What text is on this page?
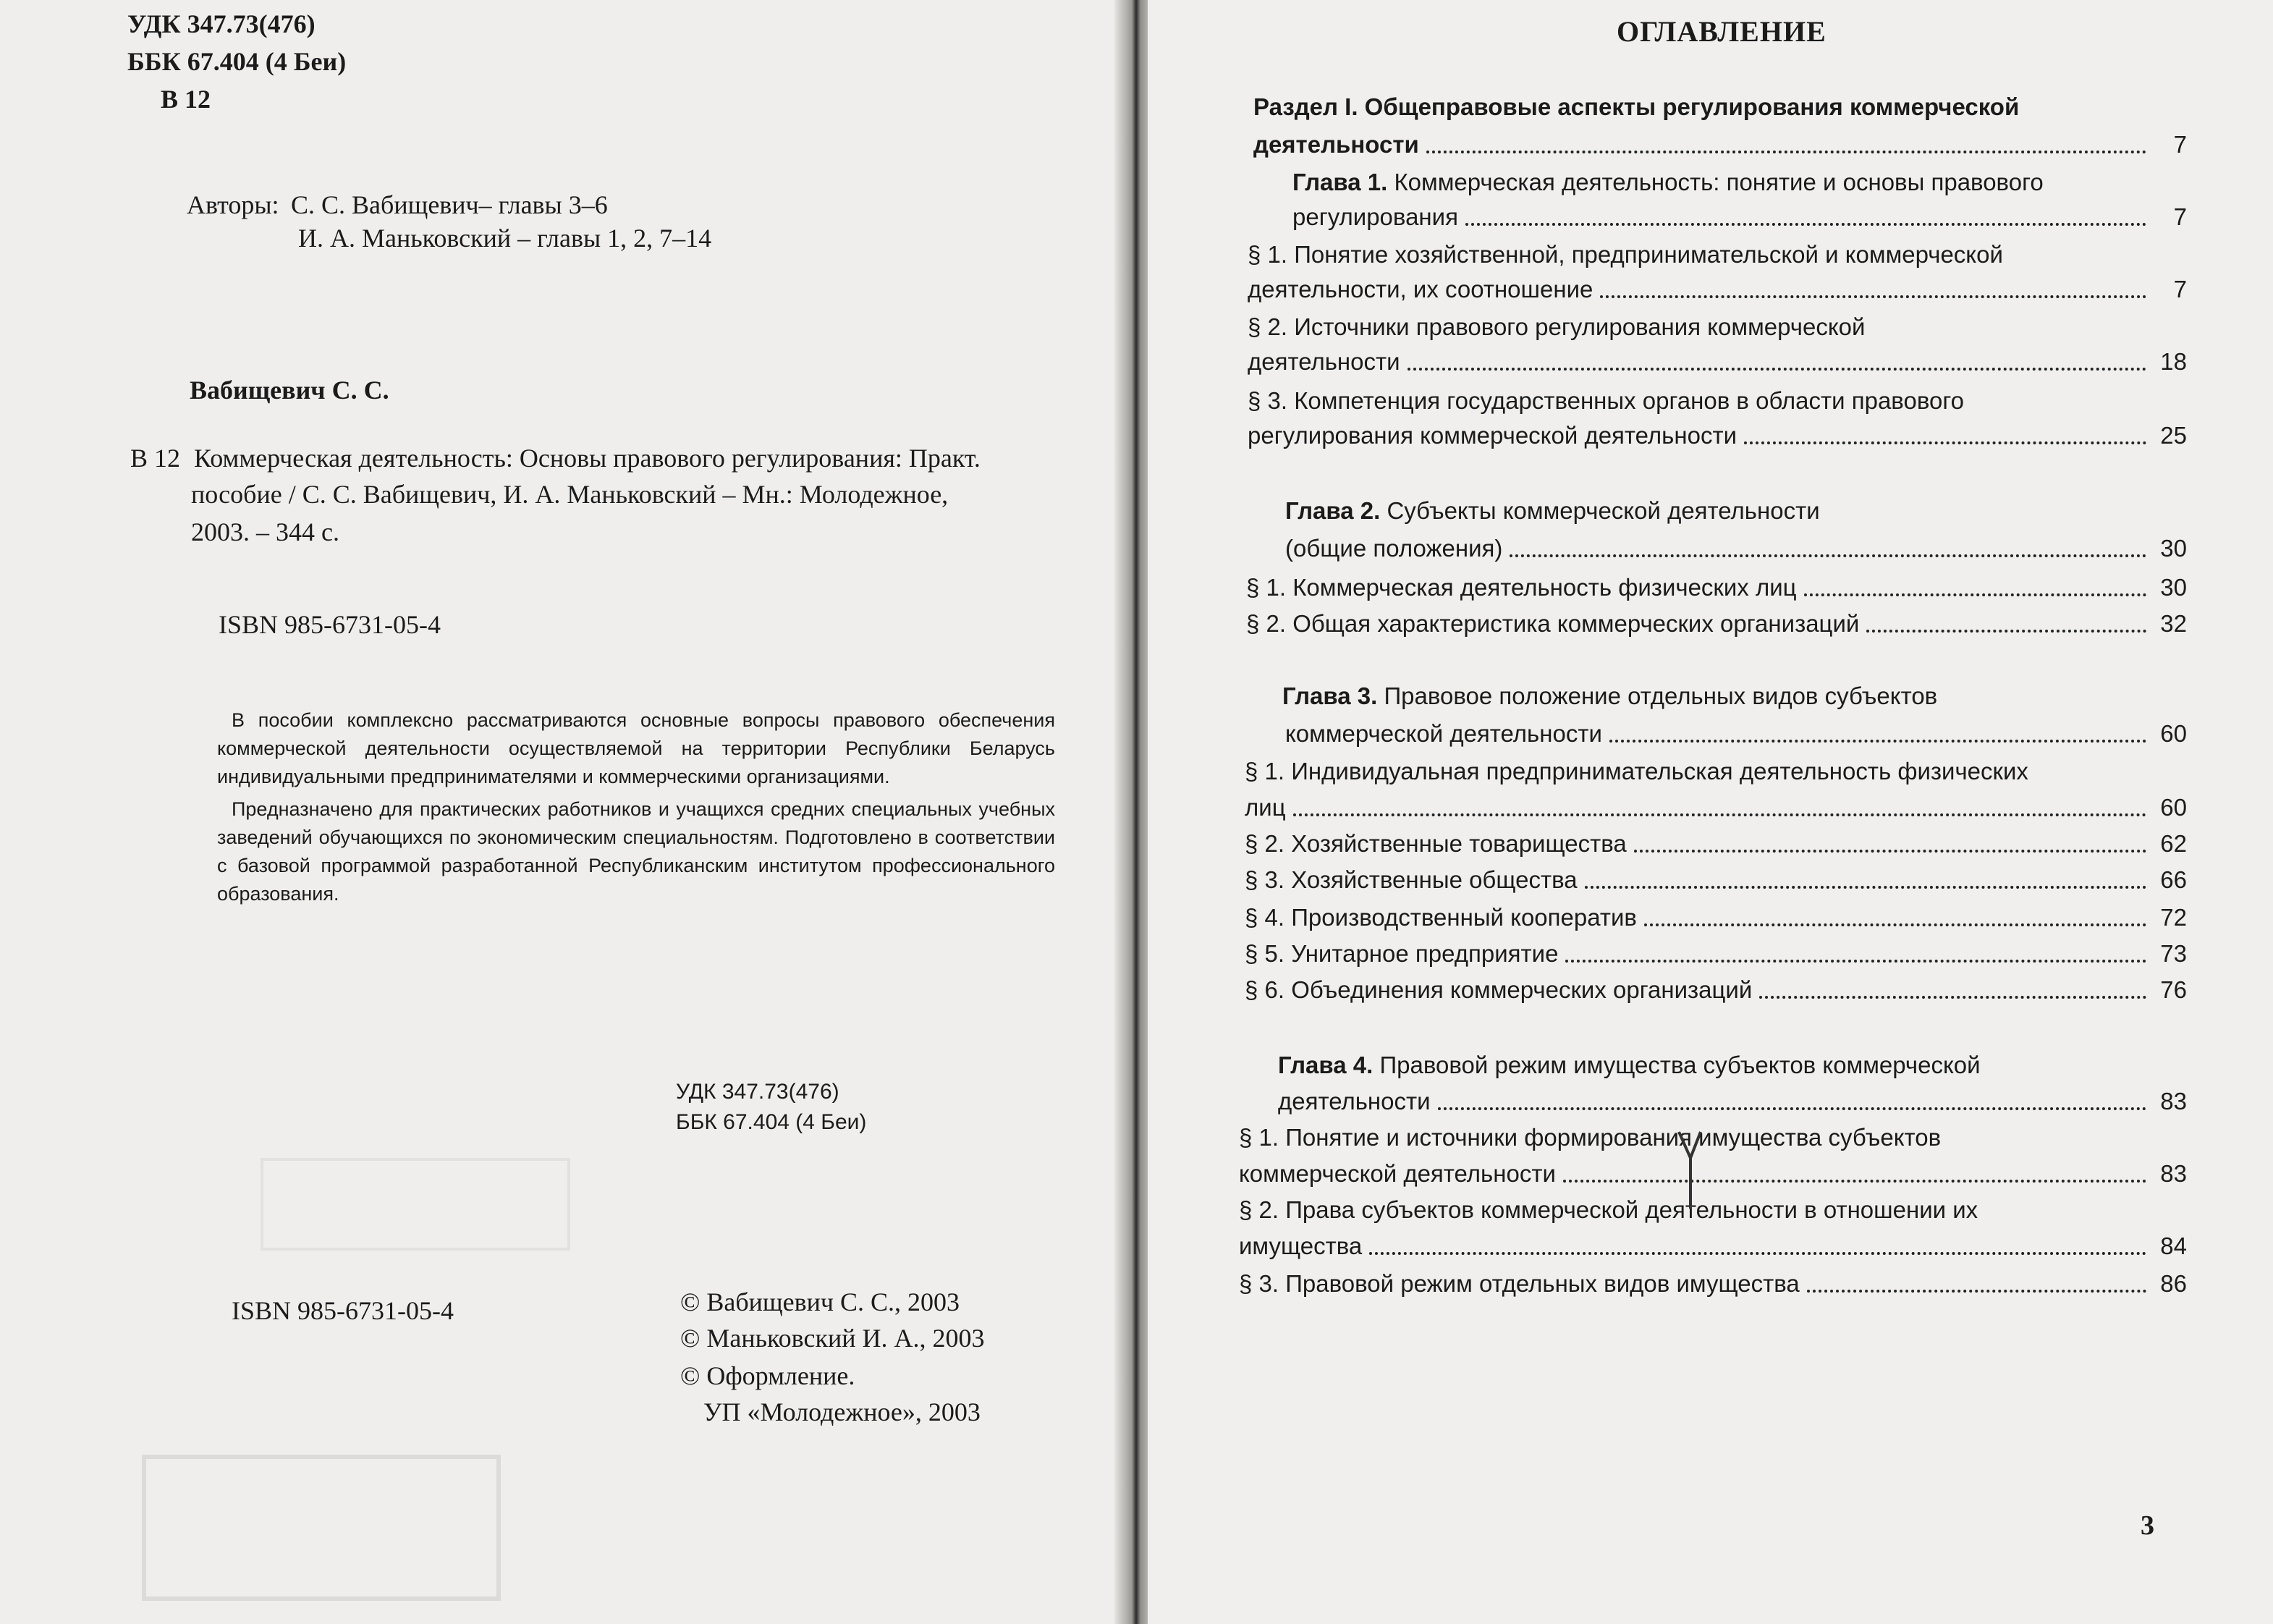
УДК 347.73(476)
ББК 67.404 (4 Беи)
В 12
Авторы: С. С. Вабищевич– главы 3–6
И. А. Маньковский – главы 1, 2, 7–14
Вабищевич С. С.
В 12 Коммерческая деятельность: Основы правового регулирования: Практ.
пособие / С. С. Вабищевич, И. А. Маньковский – Мн.: Молодежное,
2003. – 344 с.
ISBN 985-6731-05-4

В пособии комплексно рассматриваются основные вопросы правового обеспечения коммерческой деятельности осуществляемой на территории Республики Беларусь индивидуальными предпринимателями и коммерческими организациями.

Предназначено для практических работников и учащихся средних специальных учебных заведений обучающихся по экономическим специальностям. Подготовлено в соответствии с базовой программой разработанной Республиканским институтом профессионального образования.

УДК 347.73(476)
ББК 67.404 (4 Беи)
ISBN 985-6731-05-4	© Вабищевич С. С., 2003
© Маньковский И. А., 2003
© Оформление.
УП «Молодежное», 2003
ОГЛАВЛЕНИЕ
Раздел I. Общеправовые аспекты регулирования коммерческой
деятельности	7
Глава 1. Коммерческая деятельность: понятие и основы правового
регулирования	7
§ 1. Понятие хозяйственной, предпринимательской и коммерческой
деятельности, их соотношение	7
§ 2. Источники правового регулирования коммерческой
деятельности	18
§ 3. Компетенция государственных органов в области правового
регулирования коммерческой деятельности	25
Глава 2. Субъекты коммерческой деятельности
(общие положения)	30
§ 1. Коммерческая деятельность физических лиц	30
§ 2. Общая характеристика коммерческих организаций	32
Глава 3. Правовое положение отдельных видов субъектов
коммерческой деятельности	60
§ 1. Индивидуальная предпринимательская деятельность физических
лиц	60
§ 2. Хозяйственные товарищества	62
§ 3. Хозяйственные общества	66
§ 4. Производственный кооператив	72
§ 5. Унитарное предприятие	73
§ 6. Объединения коммерческих организаций	76
Глава 4. Правовой режим имущества субъектов коммерческой
деятельности	83
§ 1. Понятие и источники формирования имущества субъектов
коммерческой деятельности	83
§ 2. Права субъектов коммерческой деятельности в отношении их
имущества	84
§ 3. Правовой режим отдельных видов имущества	86
3
